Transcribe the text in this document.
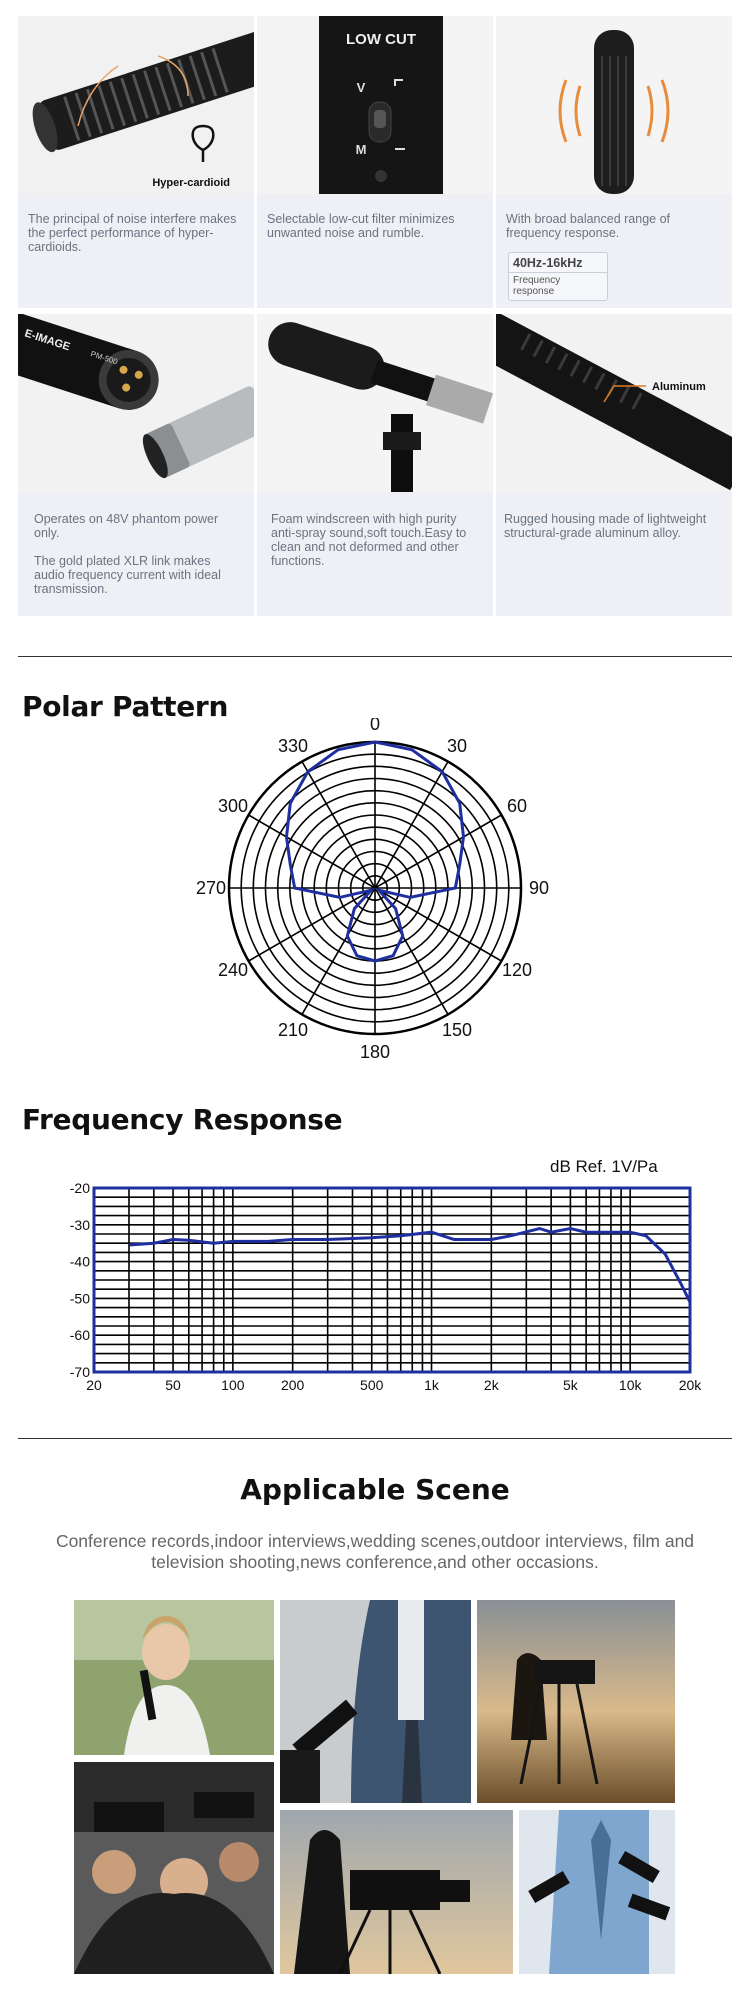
Hyper-cardioid
The principal of noise interfere makes the perfect performance of hyper-cardioids.
LOW CUT
V
M
Selectable low-cut filter minimizes unwanted noise and rumble.
With broad balanced range of frequency response.
40Hz-16kHz
Frequency response
E-IMAGE
PM-500
Operates on 48V phantom power only.
The gold plated XLR link makes audio frequency current with ideal transmission.
Foam windscreen with high purity anti-spray sound,soft touch.Easy to clean and not deformed and other functions.
Aluminum
Rugged housing made of lightweight structural-grade aluminum alloy.
Polar Pattern
0
30
60
90
120
150
180
210
240
270
300
330
Frequency Response
dB Ref. 1V/Pa
-20
-30
-40
-50
-60
-70
20	50	100	200	500	1k	2k	5k	10k	20k
Applicable Scene
Conference records,indoor interviews,wedding scenes,outdoor interviews, film and television shooting,news conference,and other occasions.
